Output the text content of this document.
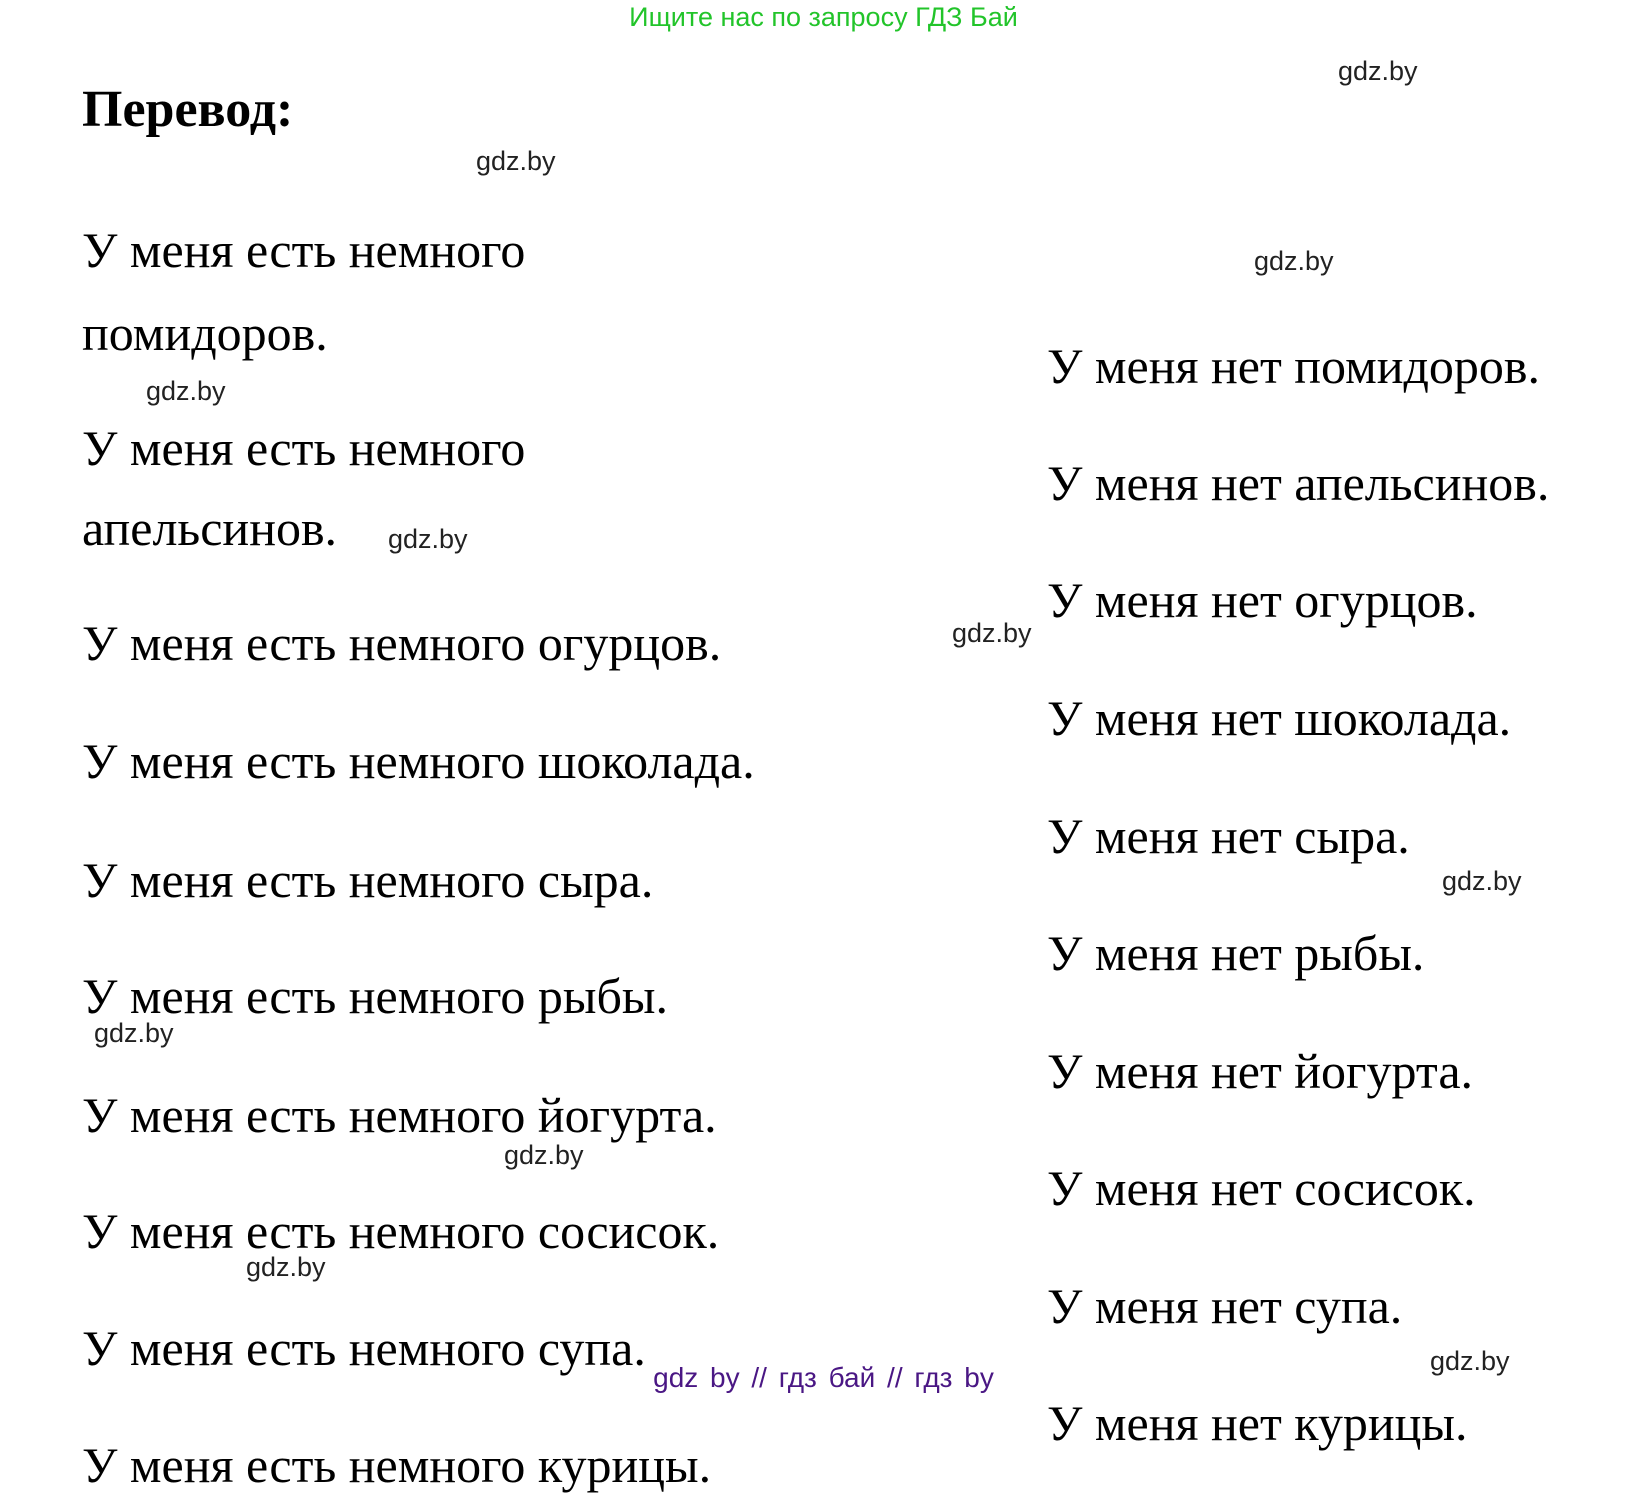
Ищите нас по запросу ГДЗ Бай
Перевод:
У меня есть немного
помидоров.
У меня есть немного
апельсинов.
У меня есть немного огурцов.
У меня есть немного шоколада.
У меня есть немного сыра.
У меня есть немного рыбы.
У меня есть немного йогурта.
У меня есть немного сосисок.
У меня есть немного супа.
У меня есть немного курицы.
У меня нет помидоров.
У меня нет апельсинов.
У меня нет огурцов.
У меня нет шоколада.
У меня нет сыра.
У меня нет рыбы.
У меня нет йогурта.
У меня нет сосисок.
У меня нет супа.
У меня нет курицы.
gdz.by
gdz.by
gdz.by
gdz.by
gdz.by
gdz.by
gdz.by
gdz.by
gdz.by
gdz.by
gdz.by
gdz by // гдз бай // гдз by
